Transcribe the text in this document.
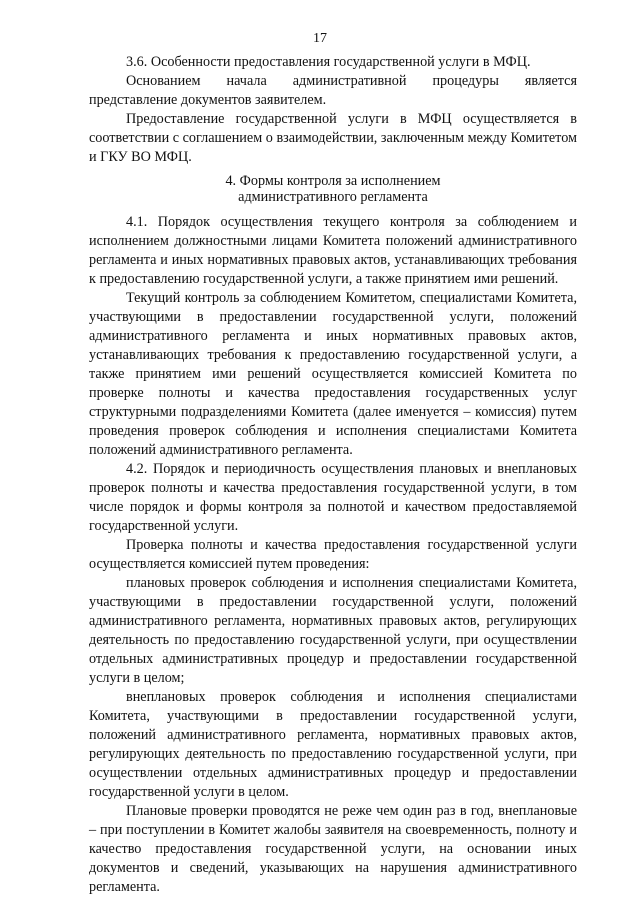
17

3.6. Особенности предоставления государственной услуги в МФЦ.

Основанием начала административной процедуры является представление документов заявителем.

Предоставление государственной услуги в МФЦ осуществляется в соответствии с соглашением о взаимодействии, заключенным между Комитетом и ГКУ ВО МФЦ.

4. Формы контроля за исполнением
административного регламента

4.1. Порядок осуществления текущего контроля за соблюдением и исполнением должностными лицами Комитета положений административного регламента и иных нормативных правовых актов, устанавливающих требования к предоставлению государственной услуги, а также принятием ими решений.

Текущий контроль за соблюдением Комитетом, специалистами Комитета, участвующими в предоставлении государственной услуги, положений административного регламента и иных нормативных правовых актов, устанавливающих требования к предоставлению государственной услуги, а также принятием ими решений осуществляется комиссией Комитета по проверке полноты и качества предоставления государственных услуг структурными подразделениями Комитета (далее именуется – комиссия) путем проведения проверок соблюдения и исполнения специалистами Комитета положений административного регламента.

4.2. Порядок и периодичность осуществления плановых и внеплановых проверок полноты и качества предоставления государственной услуги, в том числе порядок и формы контроля за полнотой и качеством предоставляемой государственной услуги.

Проверка полноты и качества предоставления государственной услуги осуществляется комиссией путем проведения:

плановых проверок соблюдения и исполнения специалистами Комитета, участвующими в предоставлении государственной услуги, положений административного регламента, нормативных правовых актов, регулирующих деятельность по предоставлению государственной услуги, при осуществлении отдельных административных процедур и предоставлении государственной услуги в целом;

внеплановых проверок соблюдения и исполнения специалистами Комитета, участвующими в предоставлении государственной услуги, положений административного регламента, нормативных правовых актов, регулирующих деятельность по предоставлению государственной услуги, при осуществлении отдельных административных процедур и предоставлении государственной услуги в целом.

Плановые проверки проводятся не реже чем один раз в год, внеплановые – при поступлении в Комитет жалобы заявителя на своевременность, полноту и качество предоставления государственной услуги, на основании иных документов и сведений, указывающих на нарушения административного регламента.
